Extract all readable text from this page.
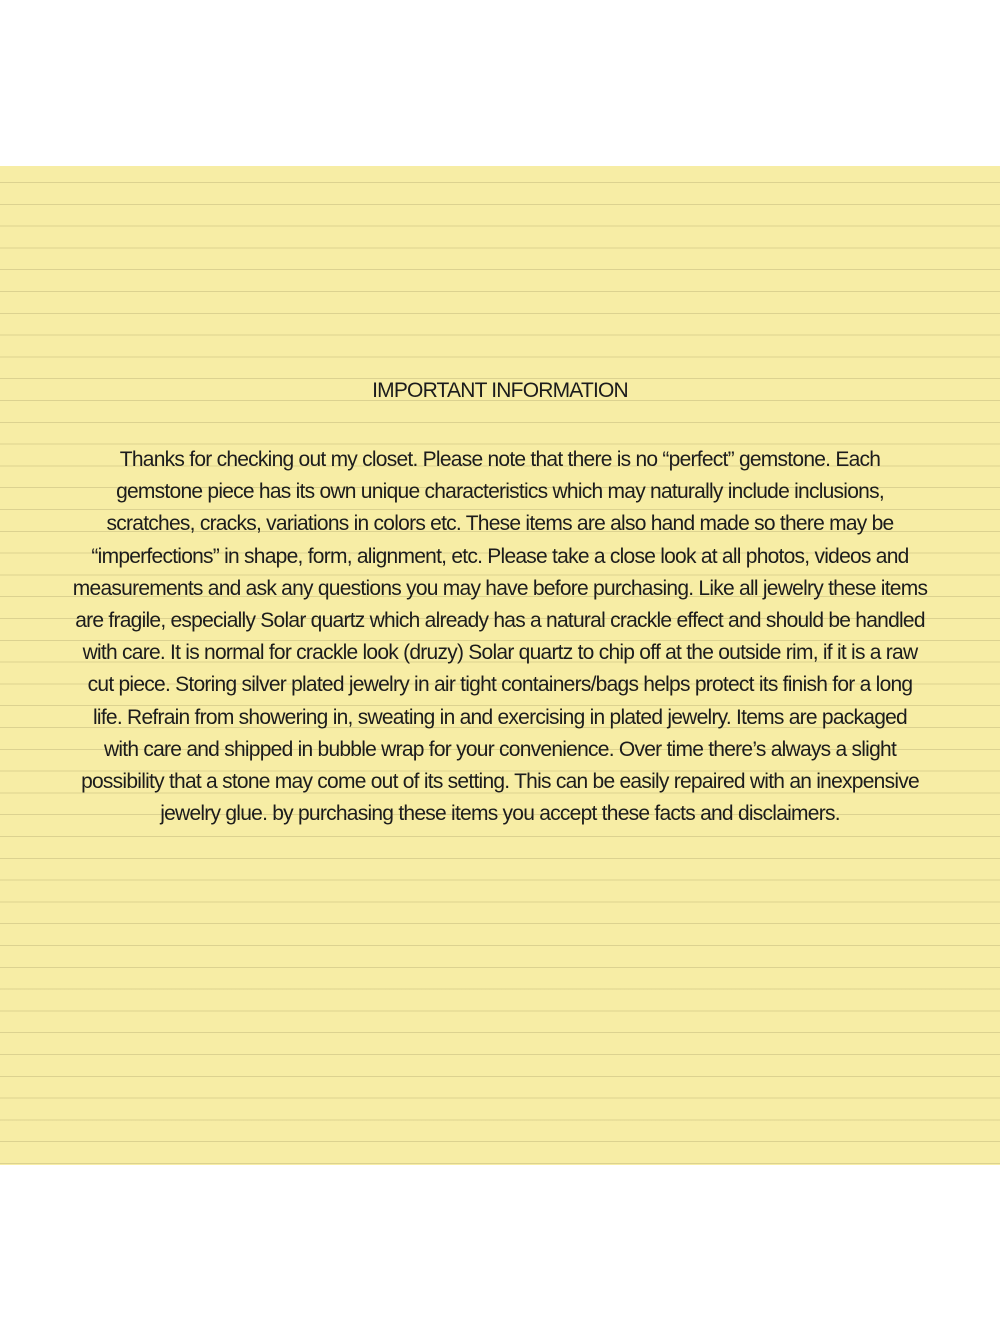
IMPORTANT INFORMATION
Thanks for checking out my closet. Please note that there is no “perfect” gemstone. Each
gemstone piece has its own unique characteristics which may naturally include inclusions,
scratches, cracks, variations in colors etc. These items are also hand made so there may be
“imperfections” in shape, form, alignment, etc. Please take a close look at all photos, videos and
measurements and ask any questions you may have before purchasing. Like all jewelry these items
are fragile, especially Solar quartz which already has a natural crackle effect and should be handled
with care. It is normal for crackle look (druzy) Solar quartz to chip off at the outside rim, if it is a raw
cut piece. Storing silver plated jewelry in air tight containers/bags helps protect its finish for a long
life. Refrain from showering in, sweating in and exercising in plated jewelry. Items are packaged
with care and shipped in bubble wrap for your convenience. Over time there’s always a slight
possibility that a stone may come out of its setting. This can be easily repaired with an inexpensive
jewelry glue. by purchasing these items you accept these facts and disclaimers.
